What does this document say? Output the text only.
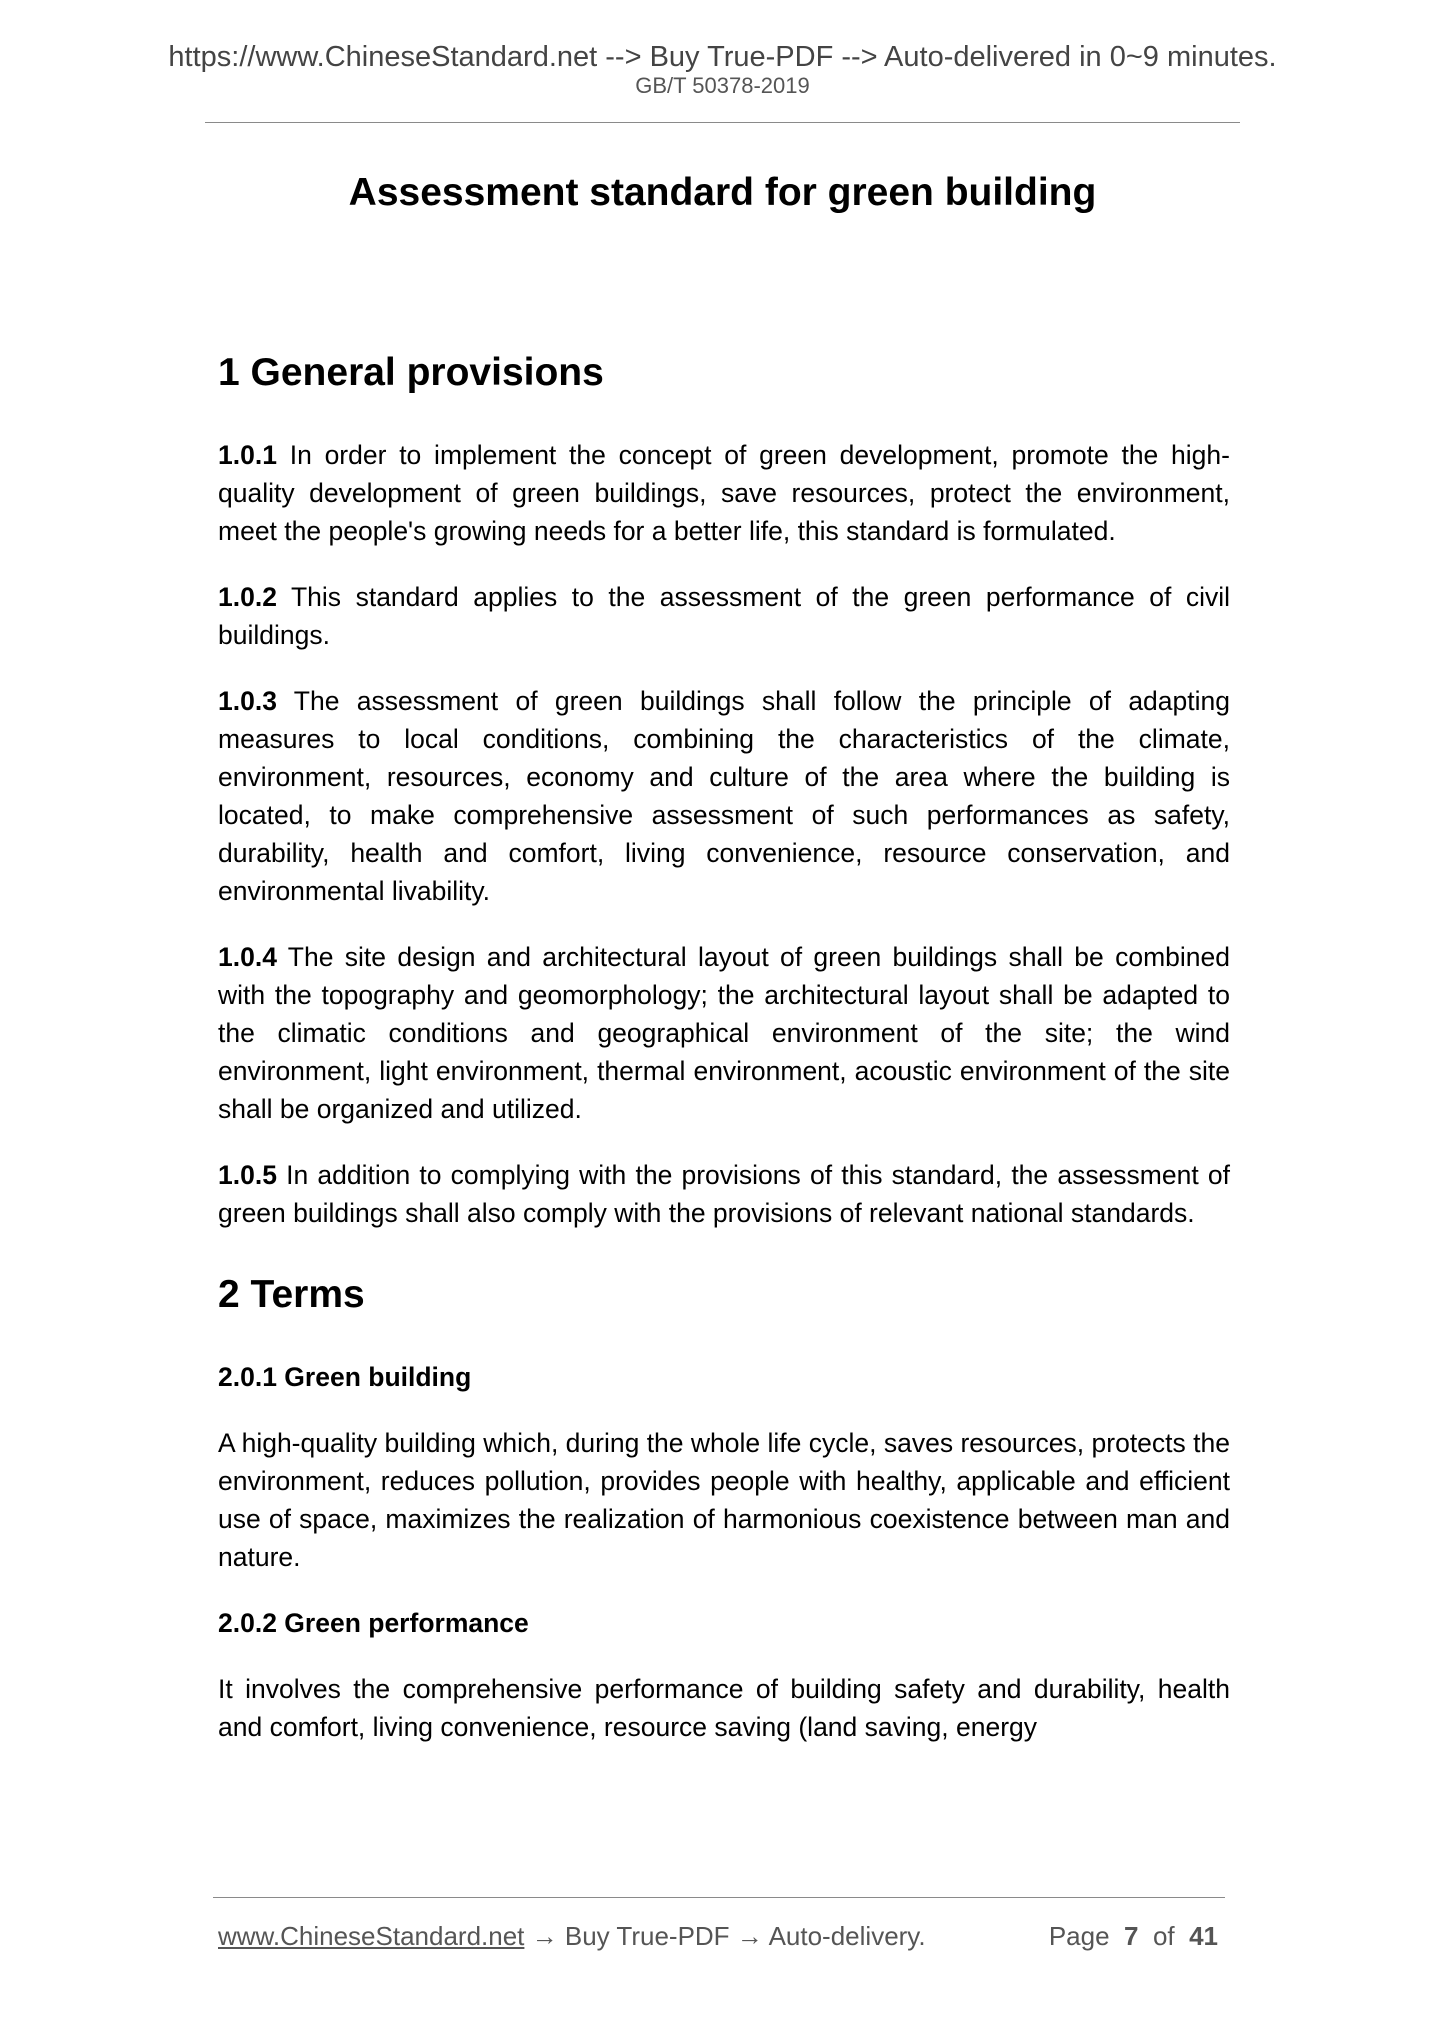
https://www.ChineseStandard.net --> Buy True-PDF --> Auto-delivered in 0~9 minutes.
GB/T 50378-2019
Assessment standard for green building
1 General provisions

1.0.1 In order to implement the concept of green development, promote the high-quality development of green buildings, save resources, protect the environment, meet the people's growing needs for a better life, this standard is formulated.

1.0.2 This standard applies to the assessment of the green performance of civil buildings.

1.0.3 The assessment of green buildings shall follow the principle of adapting measures to local conditions, combining the characteristics of the climate, environment, resources, economy and culture of the area where the building is located, to make comprehensive assessment of such performances as safety, durability, health and comfort, living convenience, resource conservation, and environmental livability.

1.0.4 The site design and architectural layout of green buildings shall be combined with the topography and geomorphology; the architectural layout shall be adapted to the climatic conditions and geographical environment of the site; the wind environment, light environment, thermal environment, acoustic environment of the site shall be organized and utilized.

1.0.5 In addition to complying with the provisions of this standard, the assessment of green buildings shall also comply with the provisions of relevant national standards.

2 Terms
2.0.1 Green building

A high-quality building which, during the whole life cycle, saves resources, protects the environment, reduces pollution, provides people with healthy, applicable and efficient use of space, maximizes the realization of harmonious coexistence between man and nature.

2.0.2 Green performance

It involves the comprehensive performance of building safety and durability, health and comfort, living convenience, resource saving (land saving, energy

www.ChineseStandard.net → Buy True-PDF → Auto-delivery.	Page 7 of 41
